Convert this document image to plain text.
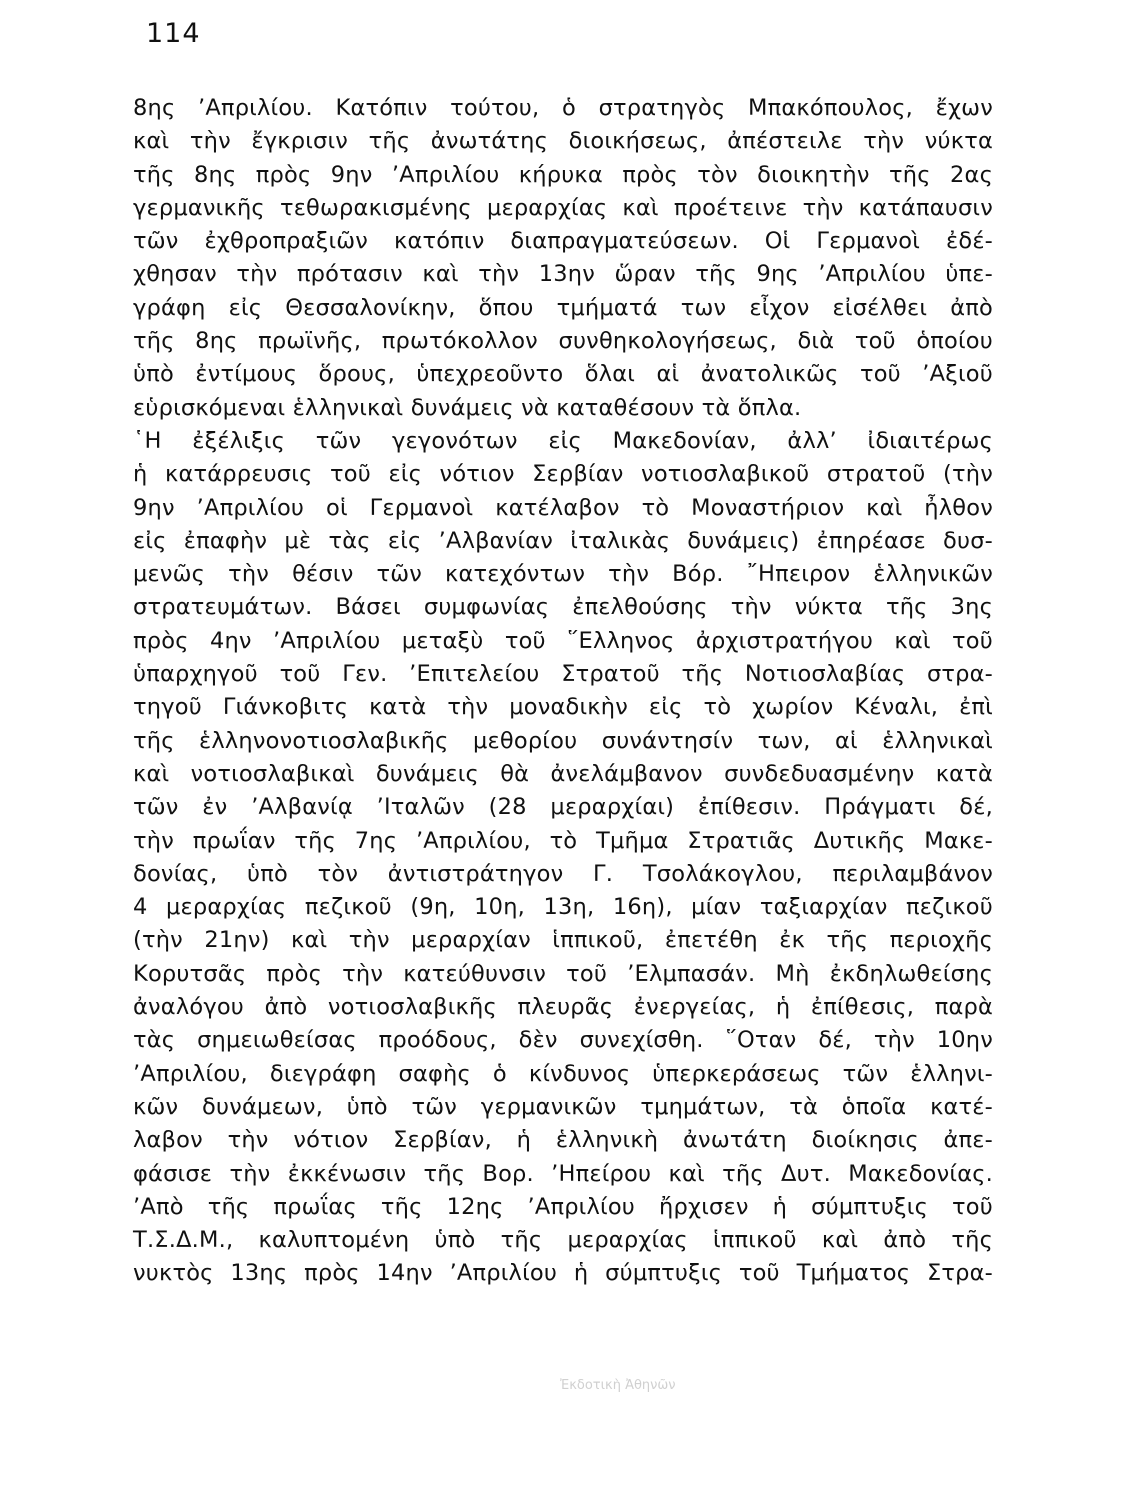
114
8ης ’Απριλίου. Κατόπιν τούτου, ὁ στρατηγὸς Μπακόπουλος, ἔχων
καὶ τὴν ἔγκρισιν τῆς ἀνωτάτης διοικήσεως, ἀπέστειλε τὴν νύκτα
τῆς 8ης πρὸς 9ην ’Απριλίου κήρυκα πρὸς τὸν διοικητὴν τῆς 2ας
γερμανικῆς τεθωρακισμένης μεραρχίας καὶ προέτεινε τὴν κατάπαυσιν
τῶν ἐχθροπραξιῶν κατόπιν διαπραγματεύσεων. Οἱ Γερμανοὶ ἐδέ-
χθησαν τὴν πρότασιν καὶ τὴν 13ην ὥραν τῆς 9ης ’Απριλίου ὑπε-
γράφη εἰς Θεσσαλονίκην, ὅπου τμήματά των εἶχον εἰσέλθει ἀπὸ
τῆς 8ης πρωϊνῆς, πρωτόκολλον συνθηκολογήσεως, διὰ τοῦ ὁποίου
ὑπὸ ἐντίμους ὅρους, ὑπεχρεοῦντο ὅλαι αἱ ἀνατολικῶς τοῦ ’Αξιοῦ
εὑρισκόμεναι ἑλληνικαὶ δυνάμεις νὰ καταθέσουν τὰ ὅπλα.
῾Η ἐξέλιξις τῶν γεγονότων εἰς Μακεδονίαν, ἀλλ’ ἰδιαιτέρως
ἡ κατάρρευσις τοῦ εἰς νότιον Σερβίαν νοτιοσλαβικοῦ στρατοῦ (τὴν
9ην ’Απριλίου οἱ Γερμανοὶ κατέλαβον τὸ Μοναστήριον καὶ ἦλθον
εἰς ἐπαφὴν μὲ τὰς εἰς ’Αλβανίαν ἰταλικὰς δυνάμεις) ἐπηρέασε δυσ-
μενῶς τὴν θέσιν τῶν κατεχόντων τὴν Βόρ. ῎Ηπειρον ἑλληνικῶν
στρατευμάτων. Βάσει συμφωνίας ἐπελθούσης τὴν νύκτα τῆς 3ης
πρὸς 4ην ’Απριλίου μεταξὺ τοῦ ῞Ελληνος ἀρχιστρατήγου καὶ τοῦ
ὑπαρχηγοῦ τοῦ Γεν. ’Επιτελείου Στρατοῦ τῆς Νοτιοσλαβίας στρα-
τηγοῦ Γιάνκοβιτς κατὰ τὴν μοναδικὴν εἰς τὸ χωρίον Κέναλι, ἐπὶ
τῆς ἑλληνονοτιοσλαβικῆς μεθορίου συνάντησίν των, αἱ ἑλληνικαὶ
καὶ νοτιοσλαβικαὶ δυνάμεις θὰ ἀνελάμβανον συνδεδυασμένην κατὰ
τῶν ἐν ’Αλβανίᾳ ’Ιταλῶν (28 μεραρχίαι) ἐπίθεσιν. Πράγματι δέ,
τὴν πρωΐαν τῆς 7ης ’Απριλίου, τὸ Τμῆμα Στρατιᾶς Δυτικῆς Μακε-
δονίας, ὑπὸ τὸν ἀντιστράτηγον Γ. Τσολάκογλου, περιλαμβάνον
4 μεραρχίας πεζικοῦ (9η, 10η, 13η, 16η), μίαν ταξιαρχίαν πεζικοῦ
(τὴν 21ην) καὶ τὴν μεραρχίαν ἱππικοῦ, ἐπετέθη ἐκ τῆς περιοχῆς
Κορυτσᾶς πρὸς τὴν κατεύθυνσιν τοῦ ’Ελμπασάν. Μὴ ἐκδηλωθείσης
ἀναλόγου ἀπὸ νοτιοσλαβικῆς πλευρᾶς ἐνεργείας, ἡ ἐπίθεσις, παρὰ
τὰς σημειωθείσας προόδους, δὲν συνεχίσθη. ῞Οταν δέ, τὴν 10ην
’Απριλίου, διεγράφη σαφὴς ὁ κίνδυνος ὑπερκεράσεως τῶν ἑλληνι-
κῶν δυνάμεων, ὑπὸ τῶν γερμανικῶν τμημάτων, τὰ ὁποῖα κατέ-
λαβον τὴν νότιον Σερβίαν, ἡ ἑλληνικὴ ἀνωτάτη διοίκησις ἀπε-
φάσισε τὴν ἐκκένωσιν τῆς Βορ. ’Ηπείρου καὶ τῆς Δυτ. Μακεδονίας.
’Απὸ τῆς πρωΐας τῆς 12ης ’Απριλίου ἤρχισεν ἡ σύμπτυξις τοῦ
Τ.Σ.Δ.Μ., καλυπτομένη ὑπὸ τῆς μεραρχίας ἱππικοῦ καὶ ἀπὸ τῆς
νυκτὸς 13ης πρὸς 14ην ’Απριλίου ἡ σύμπτυξις τοῦ Τμήματος Στρα-
Ἐκδοτικὴ Ἀθηνῶν
